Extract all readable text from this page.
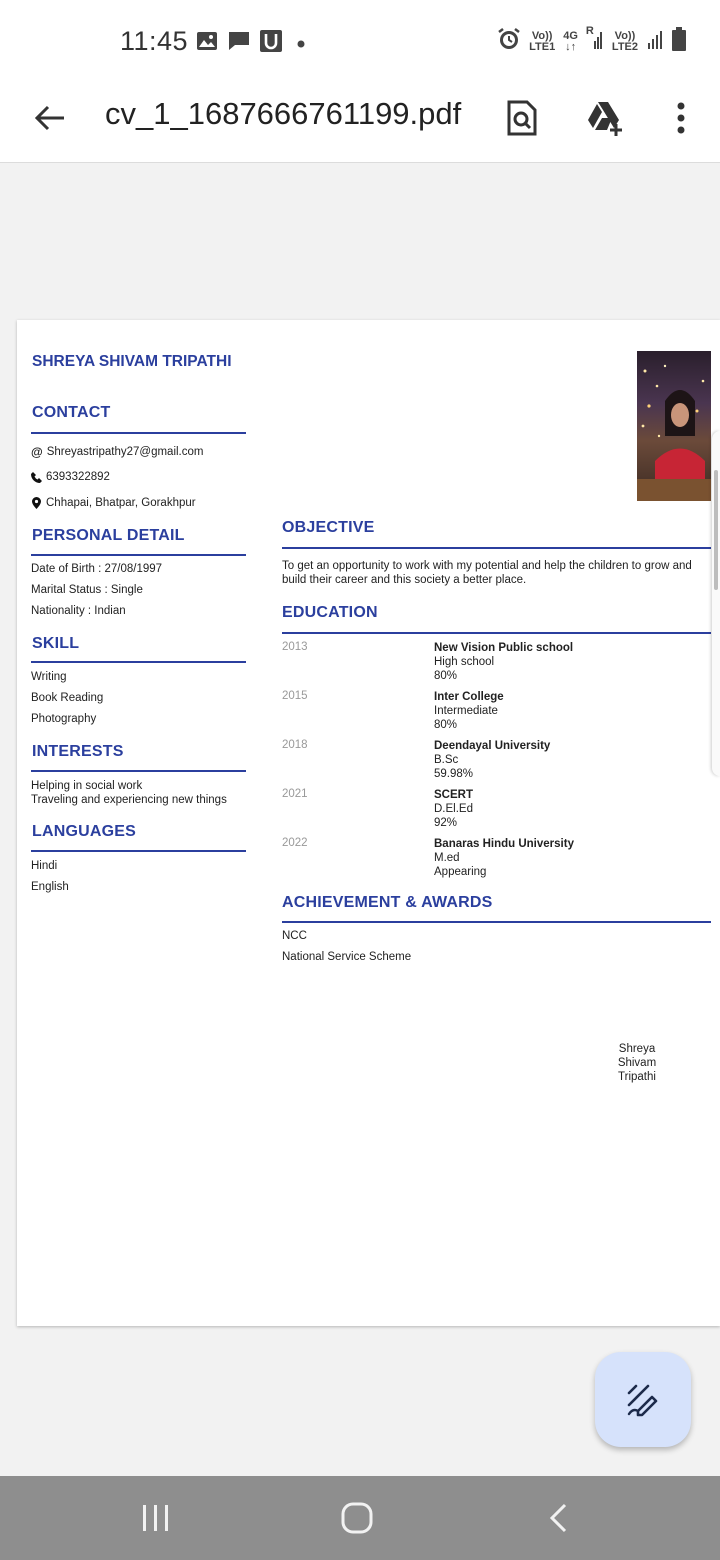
11:45	Vo))
LTE1
4G
↓↑
R Vo))
LTE2
cv_1_1687666761199.pdf
SHREYA SHIVAM TRIPATHI
CONTACT
@ Shreyastripathy27@gmail.com
6393322892
Chhapai, Bhatpar, Gorakhpur
PERSONAL DETAIL
Date of Birth : 27/08/1997
Marital Status : Single
Nationality : Indian
SKILL
Writing
Book Reading
Photography
INTERESTS
Helping in social work
Traveling and experiencing new things
LANGUAGES
Hindi
English
OBJECTIVE
To get an opportunity to work with my potential and help the children to grow and
build their career and this society a better place.
EDUCATION
2013	New Vision Public school
High school
80%
2015	Inter College
Intermediate
80%
2018	Deendayal University
B.Sc
59.98%
2021	SCERT
D.El.Ed
92%
2022	Banaras Hindu University
M.ed
Appearing
ACHIEVEMENT & AWARDS
NCC
National Service Scheme
Shreya
Shivam
Tripathi
